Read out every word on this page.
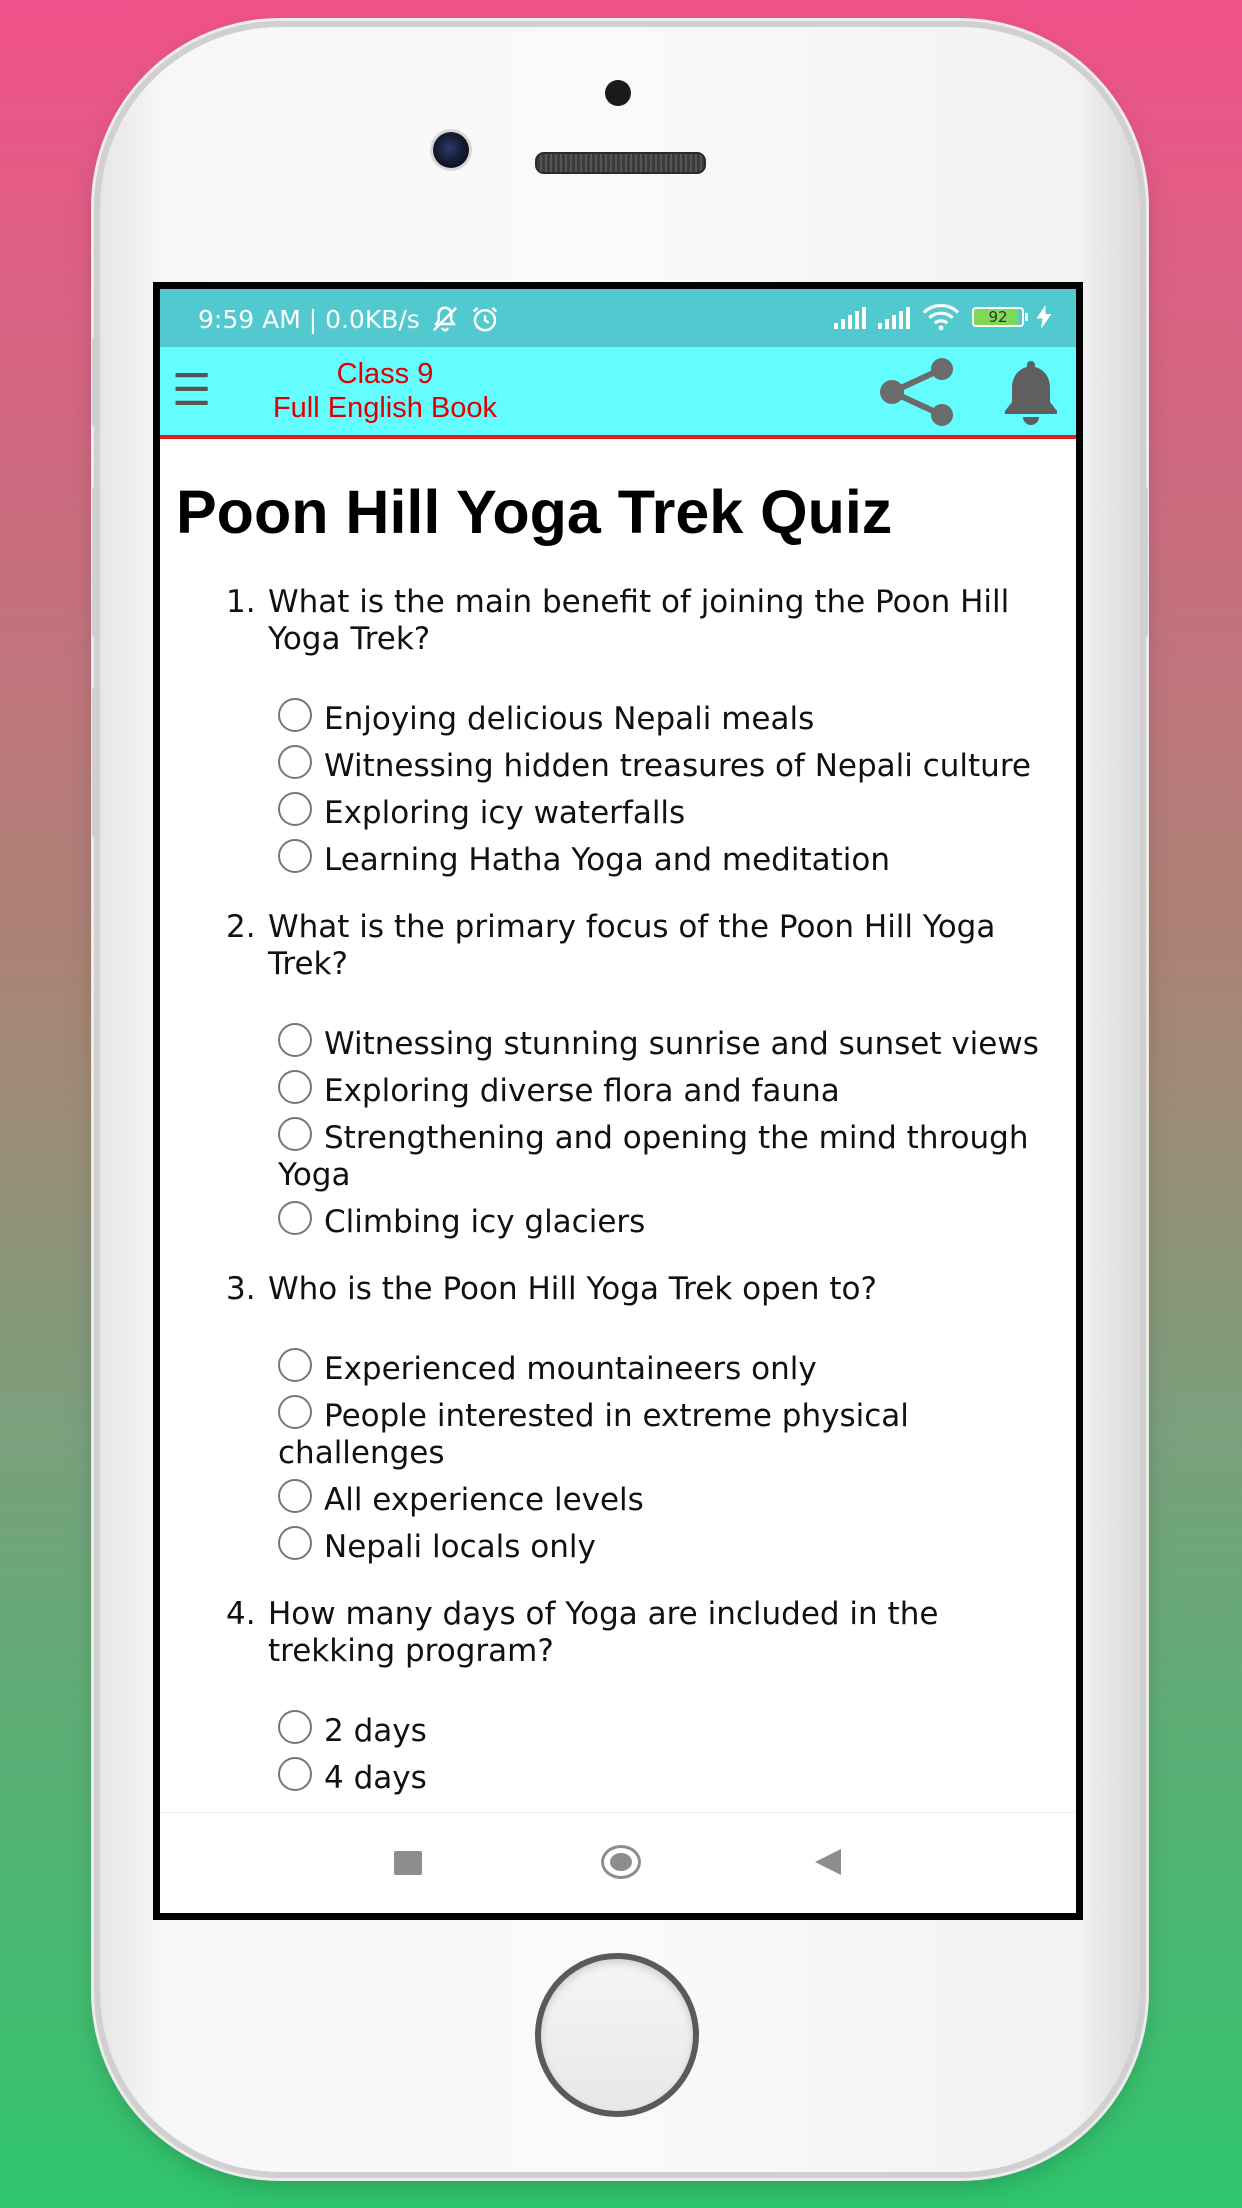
9:59 AM | 0.0KB/s	92
☰	Class 9
Full English Book
Poon Hill Yoga Trek Quiz
1. What is the main benefit of joining the Poon Hill Yoga Trek?
Enjoying delicious Nepali meals
Witnessing hidden treasures of Nepali culture
Exploring icy waterfalls
Learning Hatha Yoga and meditation
2. What is the primary focus of the Poon Hill Yoga Trek?
Witnessing stunning sunrise and sunset views
Exploring diverse flora and fauna
Strengthening and opening the mind through Yoga
Climbing icy glaciers
3. Who is the Poon Hill Yoga Trek open to?
Experienced mountaineers only
People interested in extreme physical challenges
All experience levels
Nepali locals only
4. How many days of Yoga are included in the trekking program?
2 days
4 days
